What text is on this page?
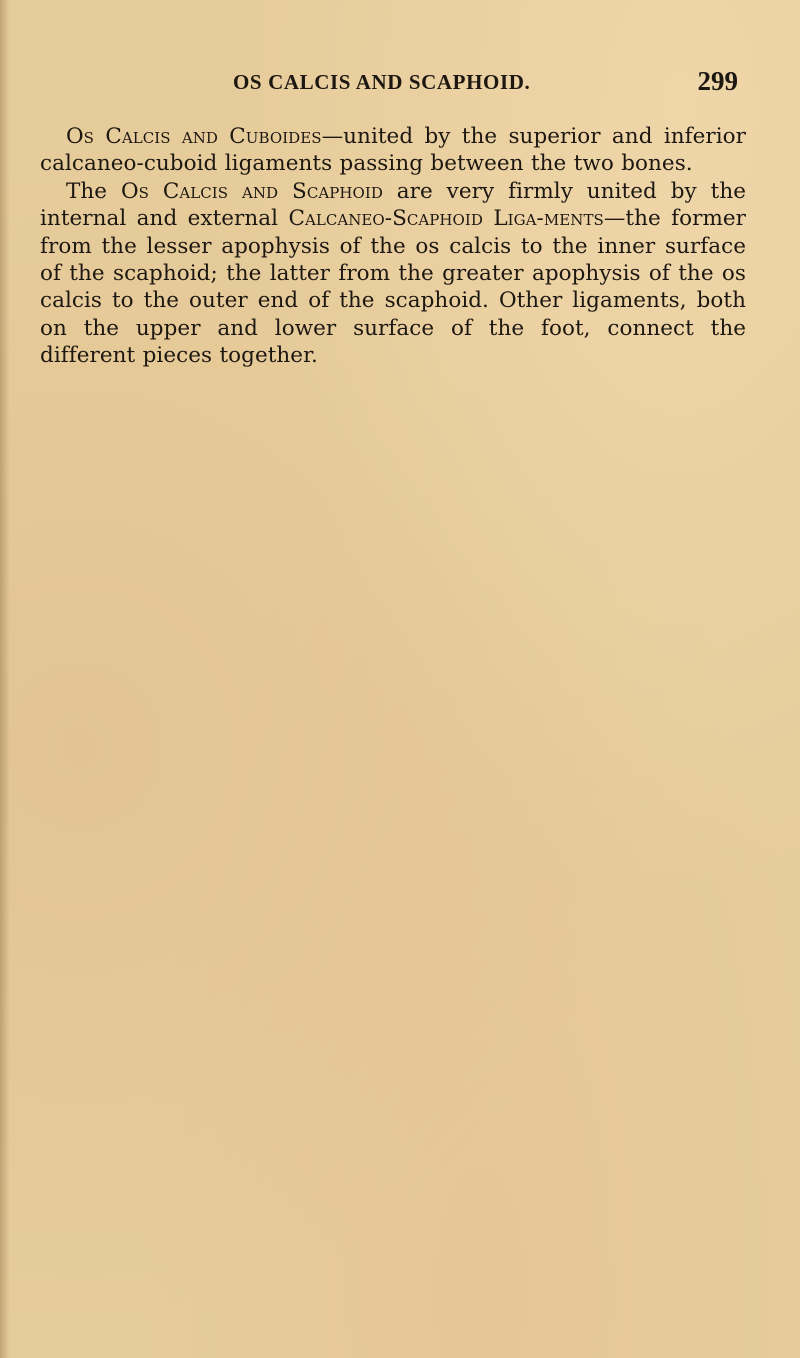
OS CALCIS AND SCAPHOID.	299

Os Calcis and Cuboides—united by the superior and inferior calcaneo-cuboid ligaments passing between the two bones.

The Os Calcis and Scaphoid are very firmly united by the internal and external Calcaneo-Scaphoid Liga-ments—the former from the lesser apophysis of the os calcis to the inner surface of the scaphoid; the latter from the greater apophysis of the os calcis to the outer end of the scaphoid. Other ligaments, both on the upper and lower surface of the foot, connect the different pieces together.
